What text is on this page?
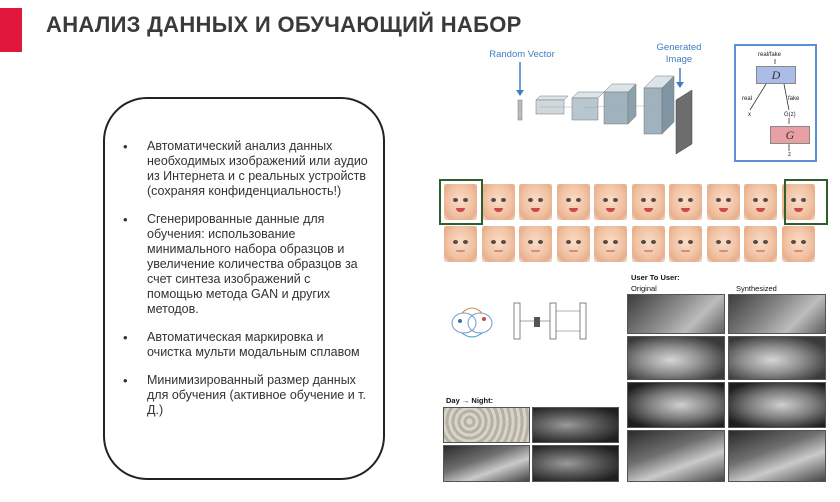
АНАЛИЗ ДАННЫХ И ОБУЧАЮЩИЙ НАБОР
• Автоматический анализ данных необходимых изображений или аудио из Интернета и с реальных устройств (сохраняя конфиденциальность!)
• Сгенерированные данные для обучения: использование минимального набора образцов и увеличение количества образцов за счет синтеза изображений с помощью метода GAN и других методов.
• Автоматическая маркировка и очистка мульти модальным сплавом
• Минимизированный размер данных для обучения (активное обучение и т. Д.)
Random Vector
Generated
Image	real/fake
D
real	fake
x	G(z)
G
z
User To User:
Original	Synthesized
Day → Night:
